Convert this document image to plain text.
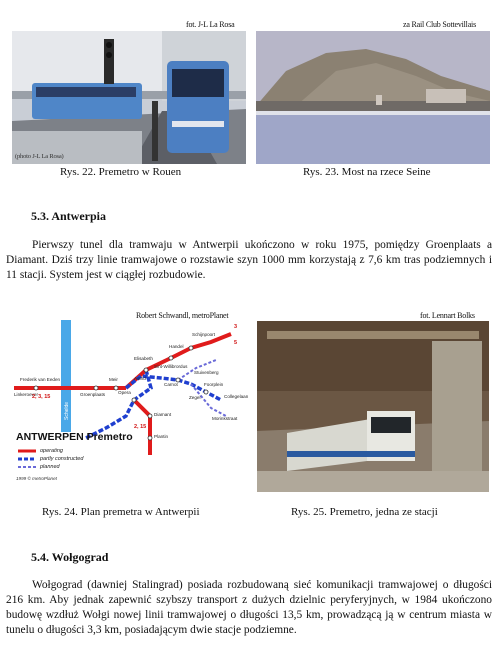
fot. J-L La Rosa
(photo J-L La Rosa)
Rys. 22. Premetro w Rouen
za Rail Club Sottevillais
Rys. 23. Most na rzece Seine
5.3. Antwerpia
Pierwszy tunel dla tramwaju w Antwerpii ukończono w roku 1975, pomiędzy Groenplaats a Diamant. Dziś trzy linie tramwajowe o rozstawie szyn 1000 mm korzystają z 7,6 km tras podziemnych i 11 stacji. System jest w ciągłej rozbudowie.
Robert Schwandl, metroPlanet
Schelde
Schijnpoort
Handel
Elisabeth
Sint-Willibrordus
Stuivenberg
Astrid
Carnot	Foorplein
Opera
Zegel	Collegelaan
Diamant
Morinkstraat
Plantin
Meir
Groenplaats
Frederik van Eeden
Linkeroever
3
2, 15
2, 3, 15
5
ANTWERPEN Premetro
operating
partly constructed
planned
1999 © metroPlanet
Rys. 24. Plan premetra w Antwerpii
fot. Lennart Bolks
Rys. 25. Premetro, jedna ze stacji
5.4. Wołgograd
Wołgograd (dawniej Stalingrad) posiada rozbudowaną sieć komunikacji tramwajowej o długości 216 km. Aby jednak zapewnić szybszy transport z dużych dzielnic peryferyjnych, w 1984 ukończono budowę wzdłuż Wołgi nowej linii tramwajowej o długości 13,5 km, prowadzącą ją w centrum miasta w tunelu o długości 3,3 km, posiadającym dwie stacje podziemne.
